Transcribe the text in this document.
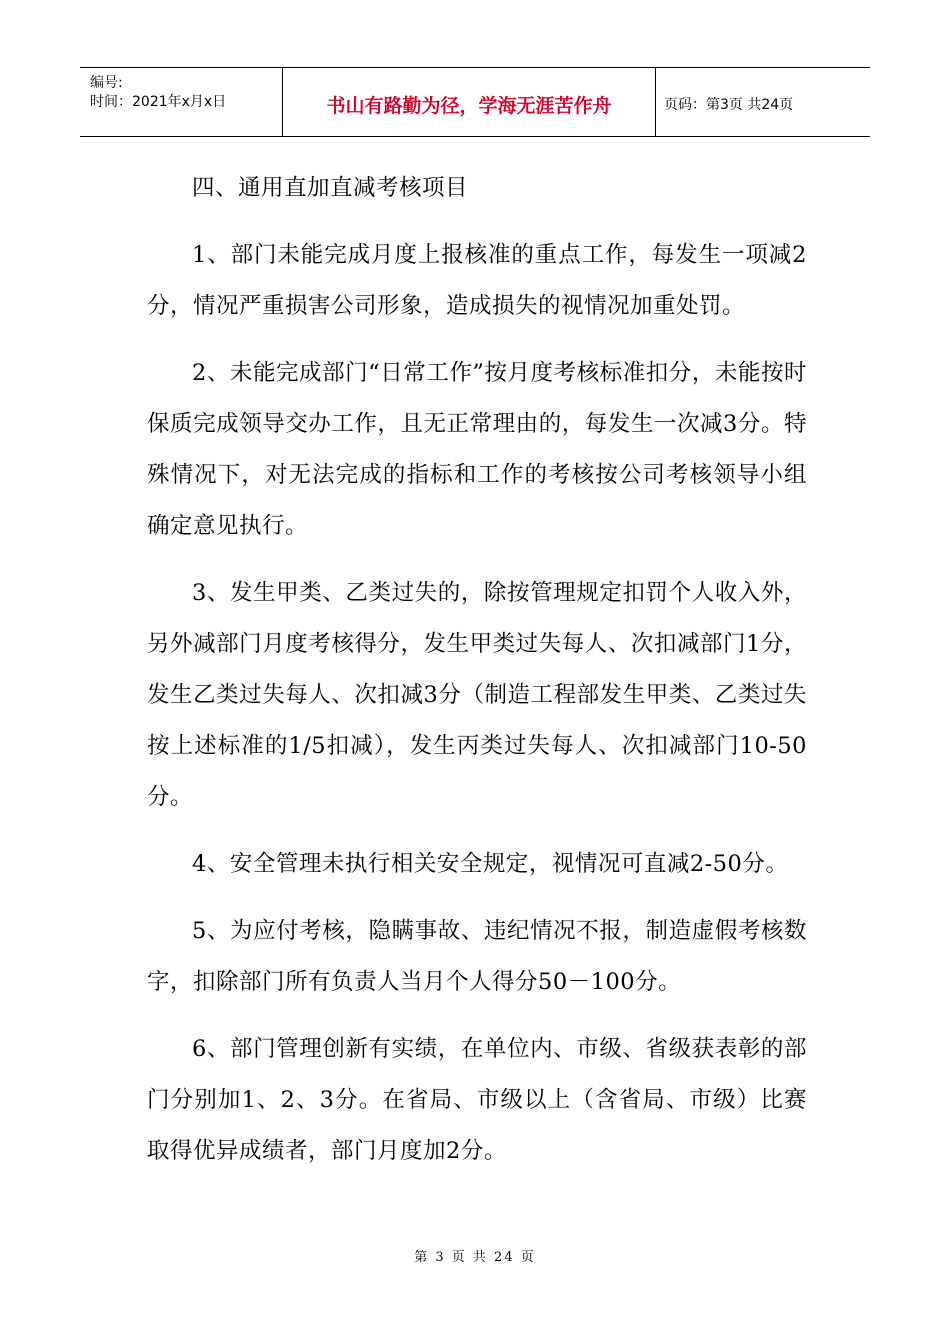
编号:
时间：2021年x月x日	书山有路勤为径，学海无涯苦作舟	页码：第3页 共24页

四、通用直加直减考核项目

1、部门未能完成月度上报核准的重点工作，每发生一项减2分，情况严重损害公司形象，造成损失的视情况加重处罚。

2、未能完成部门“日常工作”按月度考核标准扣分，未能按时保质完成领导交办工作，且无正常理由的，每发生一次减3分。特殊情况下，对无法完成的指标和工作的考核按公司考核领导小组确定意见执行。

3、发生甲类、乙类过失的，除按管理规定扣罚个人收入外，另外减部门月度考核得分，发生甲类过失每人、次扣减部门1分，发生乙类过失每人、次扣减3分（制造工程部发生甲类、乙类过失按上述标准的1/5扣减），发生丙类过失每人、次扣减部门10-50分。

4、安全管理未执行相关安全规定，视情况可直减2-50分。

5、为应付考核，隐瞒事故、违纪情况不报，制造虚假考核数字，扣除部门所有负责人当月个人得分50－100分。

6、部门管理创新有实绩，在单位内、市级、省级获表彰的部门分别加1、2、3分。在省局、市级以上（含省局、市级）比赛取得优异成绩者，部门月度加2分。

第 3 页 共 24 页
